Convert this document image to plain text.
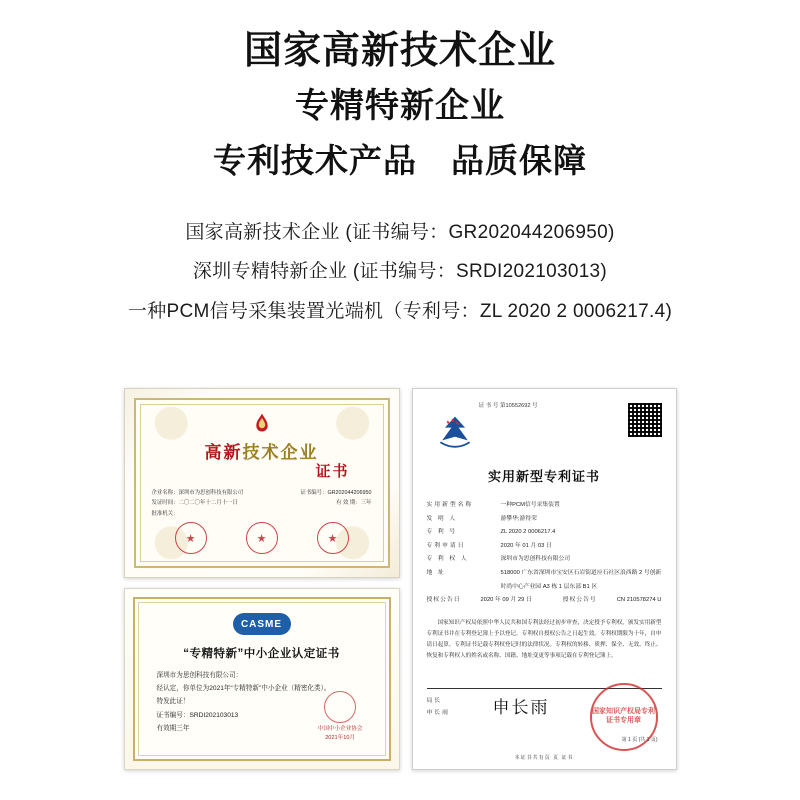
国家高新技术企业
专精特新企业
专利技术产品　品质保障
国家高新技术企业 (证书编号：GR202044206950)
深圳专精特新企业 (证书编号：SRDI202103013)
一种PCM信号采集装置光端机（专利号：ZL 2020 2 0006217.4)
高新技术企业
证书
企业名称：深圳市为思创科技有限公司	证书编号：GR202044206950
发证时间：二〇二〇年十二月十一日	有 效 期：三年
批准机关：
★	★	★
CASME
“专精特新”中小企业认定证书
深圳市为思创科技有限公司：
经认定，你单位为2021年“专精特新”中小企业（精密化类）。
特发此证！
证书编号：SRDI202103013
有效期三年	中国中小企业协会
2021年10月
证 书 号 第10552692 号
实用新型专利证书
实用新型名称	一种PCM信号采集装置
发 明 人	游攀华;游得荣
专 利 号	ZL 2020 2 0006217.4
专利申请日	2020 年 01 月 03 日
专 利 权 人	深圳市为思创科技有限公司
地 址	518000 广东省深圳市宝安区石岩街道应石社区浪西路 2 号创新时尚中心产业园 A3 栋 1 层东部 B1 区
授权公告日	2020 年 09 月 29 日	授权公告号	CN 210578274 U
国家知识产权局依照中华人民共和国专利法经过初步审查，决定授予专利权，颁发实用新型专利证书并在专利登记簿上予以登记。专利权自授权公告之日起生效。专利权期限为十年，自申请日起算。专利证书记载专利权登记时的法律状况。专利权的转移、质押、保全、无效、终止、恢复和专利权人的姓名或名称、国籍、地址变更等事项记载在专利登记簿上。
局长
申长雨	申长雨	国家知识产权局专利证书专用章
第 1 页 (共 1 页)
本证书共有页 页 证书
